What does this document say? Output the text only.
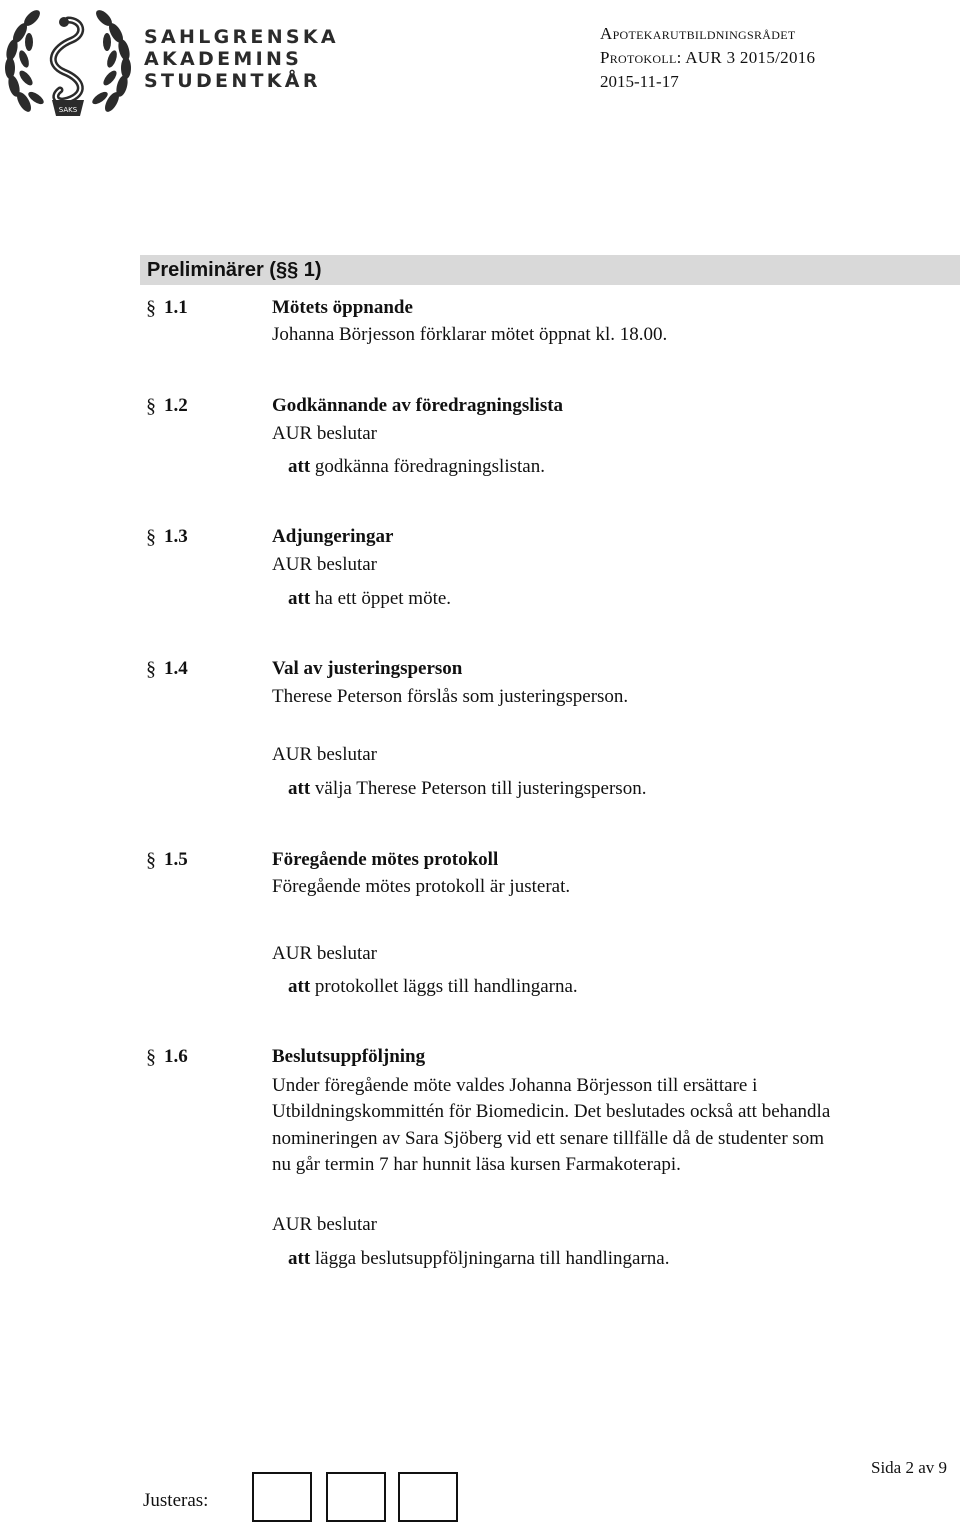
SAKS
SAHLGRENSKA
AKADEMINS
STUDENTKÅR
Apotekarutbildningsrådet
Protokoll: AUR 3 2015/2016
2015-11-17
Preliminärer (§§ 1)
§ 1.1	Mötets öppnande
Johanna Börjesson förklarar mötet öppnat kl. 18.00.
§ 1.2	Godkännande av föredragningslista
AUR beslutar
att godkänna föredragningslistan.
§ 1.3	Adjungeringar
AUR beslutar
att ha ett öppet möte.
§ 1.4	Val av justeringsperson
Therese Peterson förslås som justeringsperson.
AUR beslutar
att välja Therese Peterson till justeringsperson.
§ 1.5	Föregående mötes protokoll
Föregående mötes protokoll är justerat.
AUR beslutar
att protokollet läggs till handlingarna.
§ 1.6	Beslutsuppföljning
Under föregående möte valdes Johanna Börjesson till ersättare i
Utbildningskommittén för Biomedicin. Det beslutades också att behandla
nomineringen av Sara Sjöberg vid ett senare tillfälle då de studenter som
nu går termin 7 har hunnit läsa kursen Farmakoterapi.
AUR beslutar
att lägga beslutsuppföljningarna till handlingarna.
Sida 2 av 9
Justeras:
